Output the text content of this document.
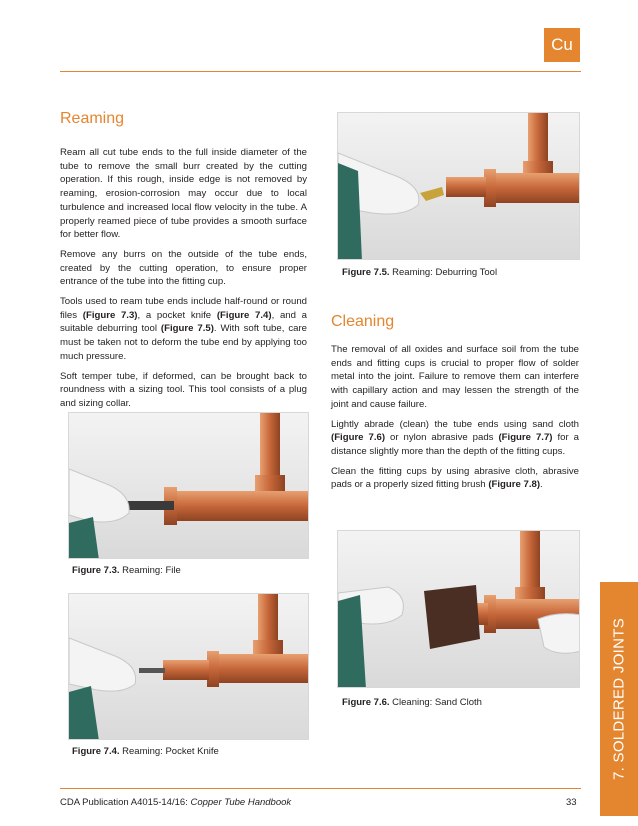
Cu
Reaming

Ream all cut tube ends to the full inside diameter of the tube to remove the small burr created by the cutting operation. If this rough, inside edge is not removed by reaming, erosion-corrosion may occur due to local turbulence and increased local flow velocity in the tube. A properly reamed piece of tube provides a smooth surface for better flow.

Remove any burrs on the outside of the tube ends, created by the cutting operation, to ensure proper entrance of the tube into the fitting cup.

Tools used to ream tube ends include half-round or round files (Figure 7.3), a pocket knife (Figure 7.4), and a suitable deburring tool (Figure 7.5). With soft tube, care must be taken not to deform the tube end by applying too much pressure.

Soft temper tube, if deformed, can be brought back to roundness with a sizing tool. This tool consists of a plug and sizing collar.

Figure 7.3. Reaming: File
Figure 7.4. Reaming: Pocket Knife
Figure 7.5. Reaming: Deburring Tool
Cleaning

The removal of all oxides and surface soil from the tube ends and fitting cups is crucial to proper flow of solder metal into the joint. Failure to remove them can interfere with capillary action and may lessen the strength of the joint and cause failure.

Lightly abrade (clean) the tube ends using sand cloth (Figure 7.6) or nylon abrasive pads (Figure 7.7) for a distance slightly more than the depth of the fitting cups.

Clean the fitting cups by using abrasive cloth, abrasive pads or a properly sized fitting brush (Figure 7.8).

Figure 7.6. Cleaning: Sand Cloth	7. SOLDERED JOINTS
CDA Publication A4015-14/16: Copper Tube Handbook	33
